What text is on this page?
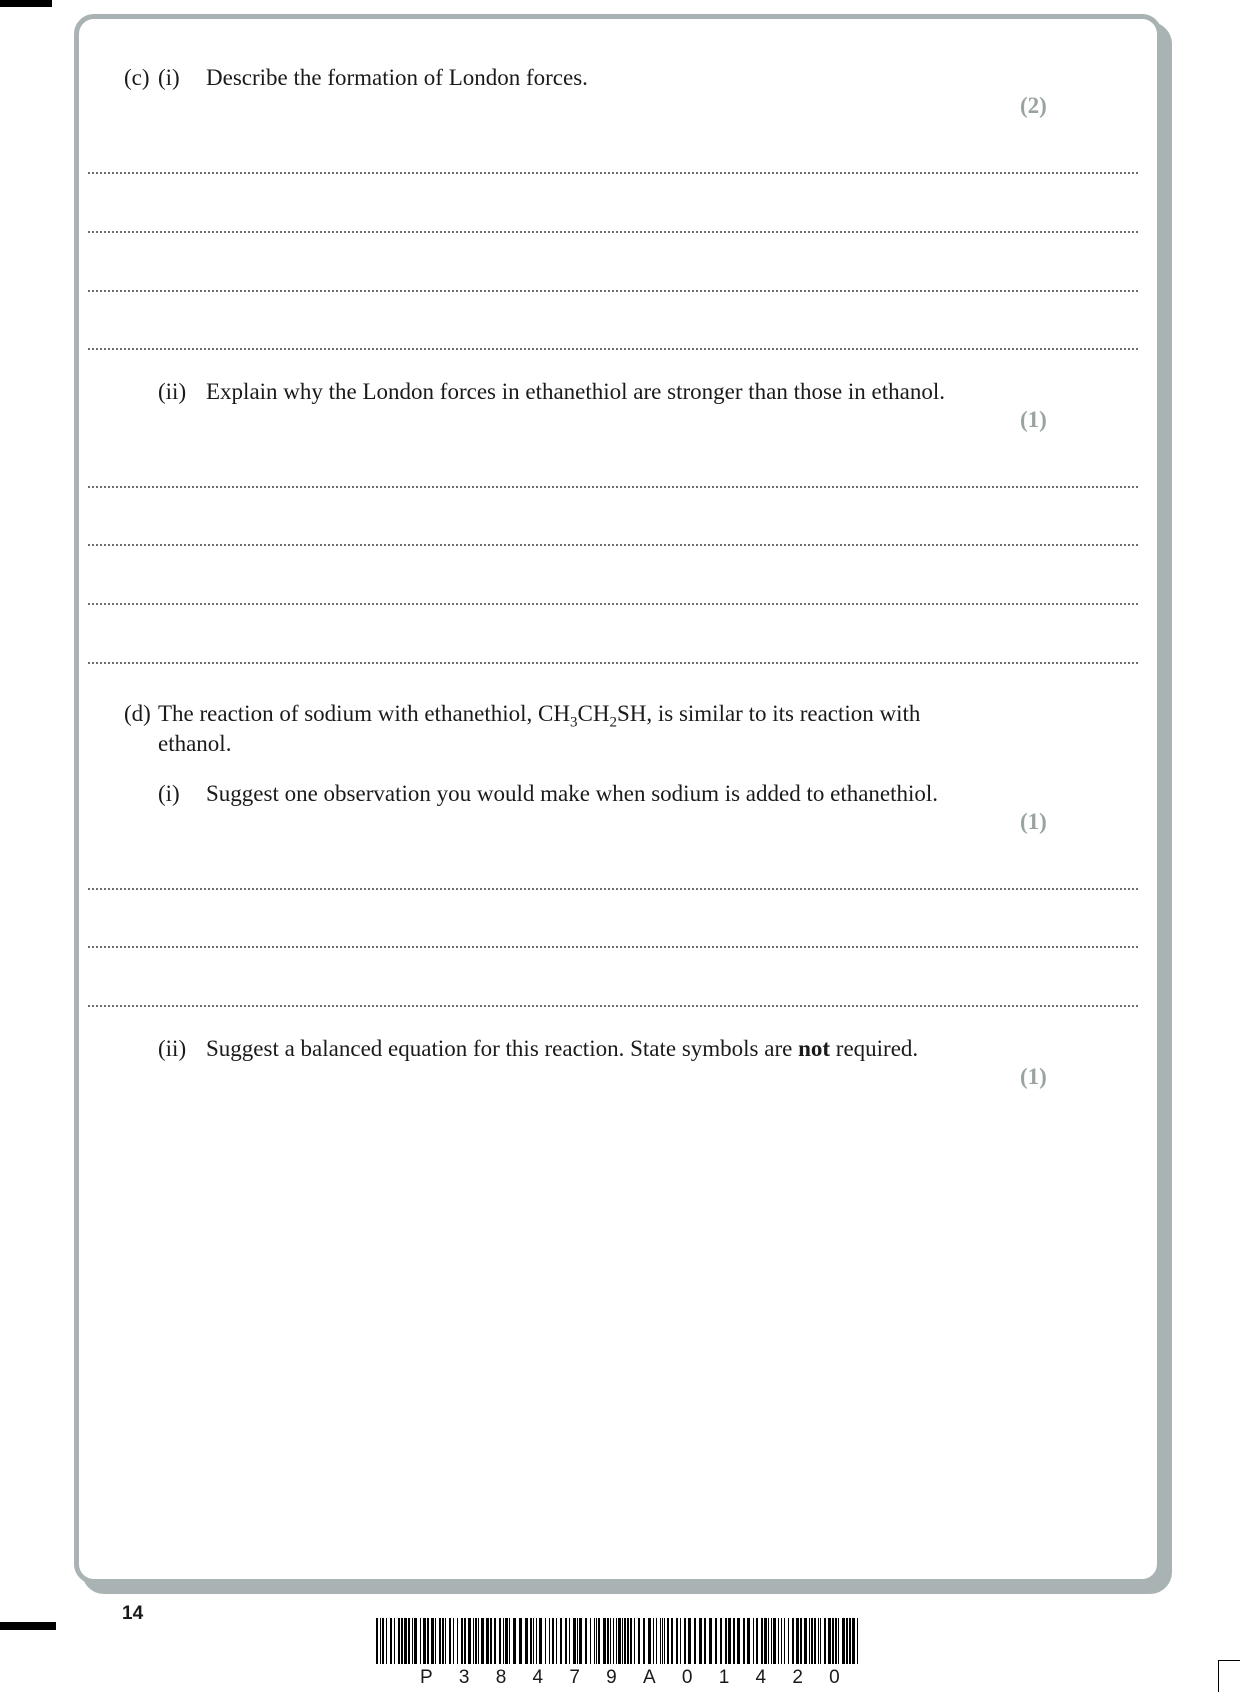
(c) (i) Describe the formation of London forces.
(2)
(ii) Explain why the London forces in ethanethiol are stronger than those in ethanol.
(1)
(d) The reaction of sodium with ethanethiol, $CH_3CH_2SH$, is similar to its reaction with
ethanol.
(i) Suggest one observation you would make when sodium is added to ethanethiol.
(1)
(ii) Suggest a balanced equation for this reaction. State symbols are not required.
(1)
14
P 3 8 4 7 9 A 0 1 4 2 0
